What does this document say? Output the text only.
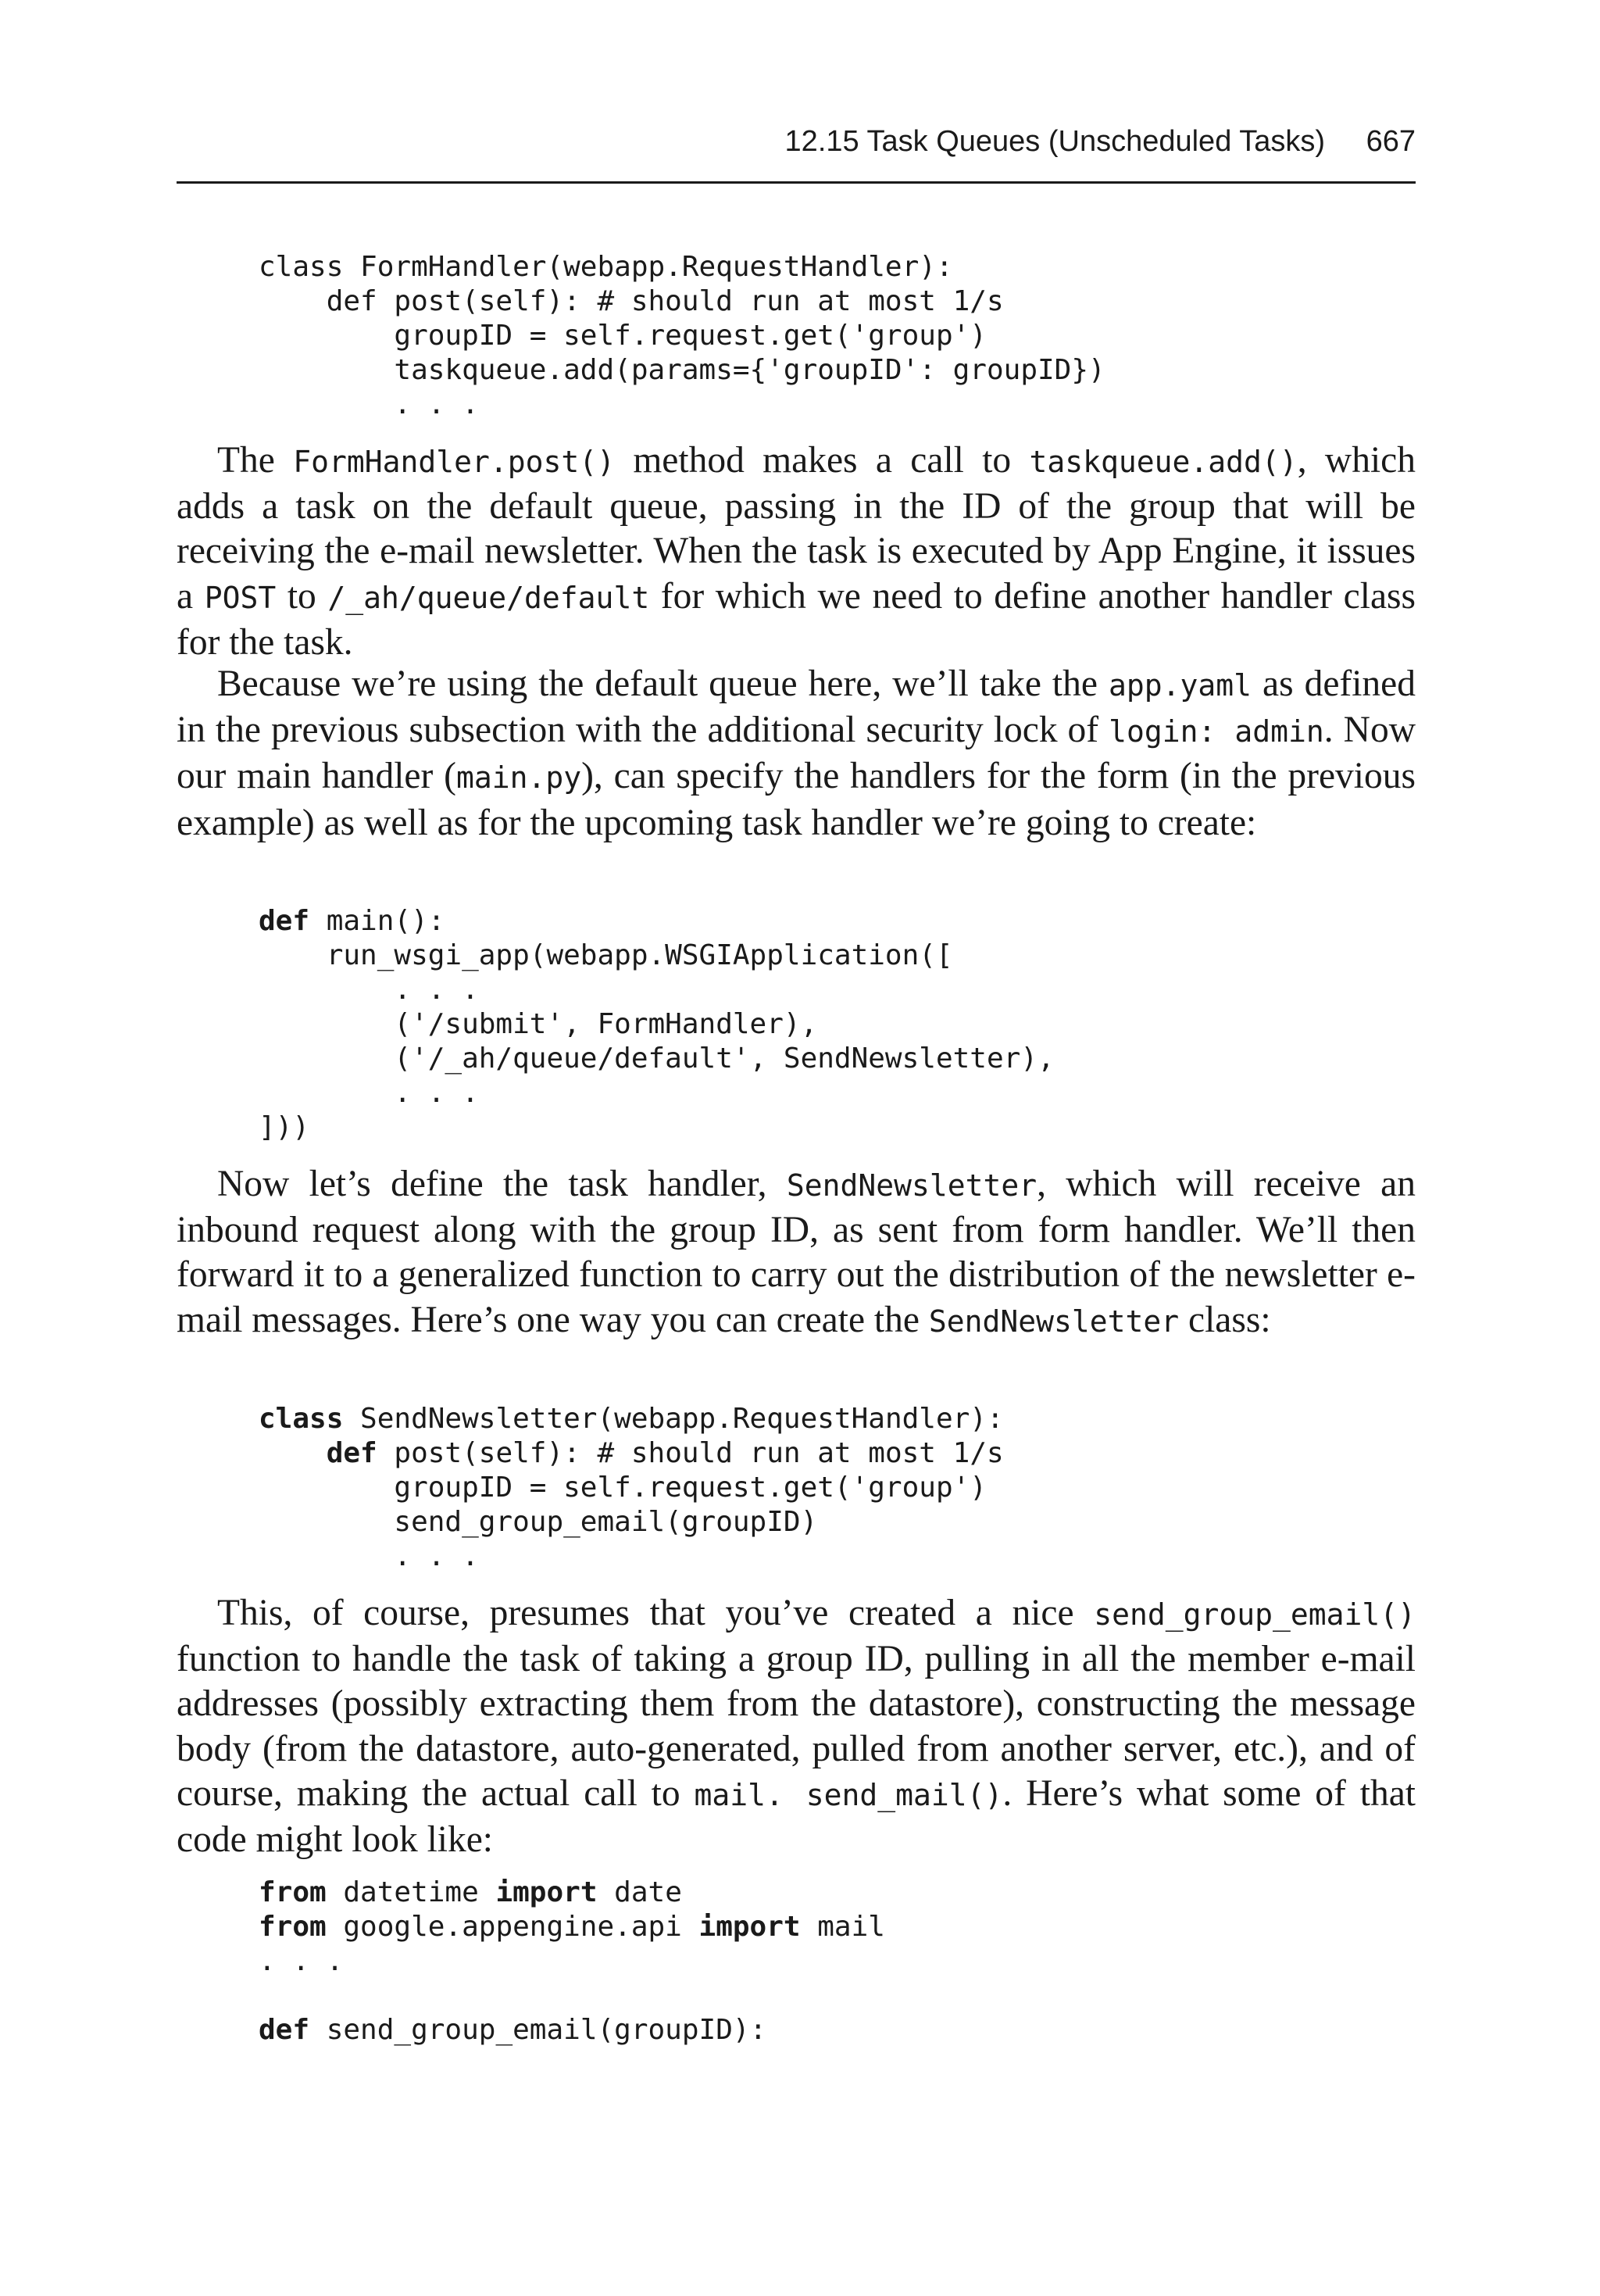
12.15 Task Queues (Unscheduled Tasks) 667
class FormHandler(webapp.RequestHandler):
def post(self): # should run at most 1/s
groupID = self.request.get('group')
taskqueue.add(params={'groupID': groupID})
. . .

The FormHandler.post() method makes a call to taskqueue.add(), which adds a task on the default queue, passing in the ID of the group that will be receiving the e-mail newsletter. When the task is executed by App Engine, it issues a POST to /_ah/queue/default for which we need to define another handler class for the task.

Because we’re using the default queue here, we’ll take the app.yaml as defined in the previous subsection with the additional security lock of login: admin. Now our main handler (main.py), can specify the handlers for the form (in the previous example) as well as for the upcoming task handler we’re going to create:

def main():
run_wsgi_app(webapp.WSGIApplication([
. . .
('/submit', FormHandler),
('/_ah/queue/default', SendNewsletter),
. . .
]))

Now let’s define the task handler, SendNewsletter, which will receive an inbound request along with the group ID, as sent from form handler. We’ll then forward it to a generalized function to carry out the distribution of the newsletter e-mail messages. Here’s one way you can create the SendNewsletter class:

class SendNewsletter(webapp.RequestHandler):
def post(self): # should run at most 1/s
groupID = self.request.get('group')
send_group_email(groupID)
. . .

This, of course, presumes that you’ve created a nice send_group_email() function to handle the task of taking a group ID, pulling in all the member e-mail addresses (possibly extracting them from the datastore), constructing the message body (from the datastore, auto-generated, pulled from another server, etc.), and of course, making the actual call to mail. send_mail(). Here’s what some of that code might look like:

from datetime import date
from google.appengine.api import mail
. . .

def send_group_email(groupID):
